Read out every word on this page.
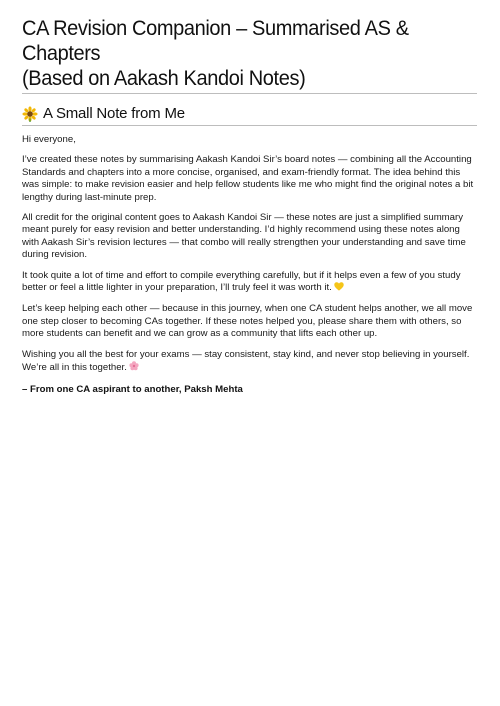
CA Revision Companion – Summarised AS & Chapters
(Based on Aakash Kandoi Notes)
A Small Note from Me

Hi everyone,

I’ve created these notes by summarising Aakash Kandoi Sir’s board notes — combining all the Accounting Standards and chapters into a more concise, organised, and exam-friendly format. The idea behind this was simple: to make revision easier and help fellow students like me who might find the original notes a bit lengthy during last-minute prep.

All credit for the original content goes to Aakash Kandoi Sir — these notes are just a simplified summary meant purely for easy revision and better understanding. I’d highly recommend using these notes along with Aakash Sir’s revision lectures — that combo will really strengthen your understanding and save time during revision.

It took quite a lot of time and effort to compile everything carefully, but if it helps even a few of you study better or feel a little lighter in your preparation, I’ll truly feel it was worth it.

Let’s keep helping each other — because in this journey, when one CA student helps another, we all move one step closer to becoming CAs together. If these notes helped you, please share them with others, so more students can benefit and we can grow as a community that lifts each other up.

Wishing you all the best for your exams — stay consistent, stay kind, and never stop believing in yourself. We’re all in this together.

– From one CA aspirant to another, Paksh Mehta
